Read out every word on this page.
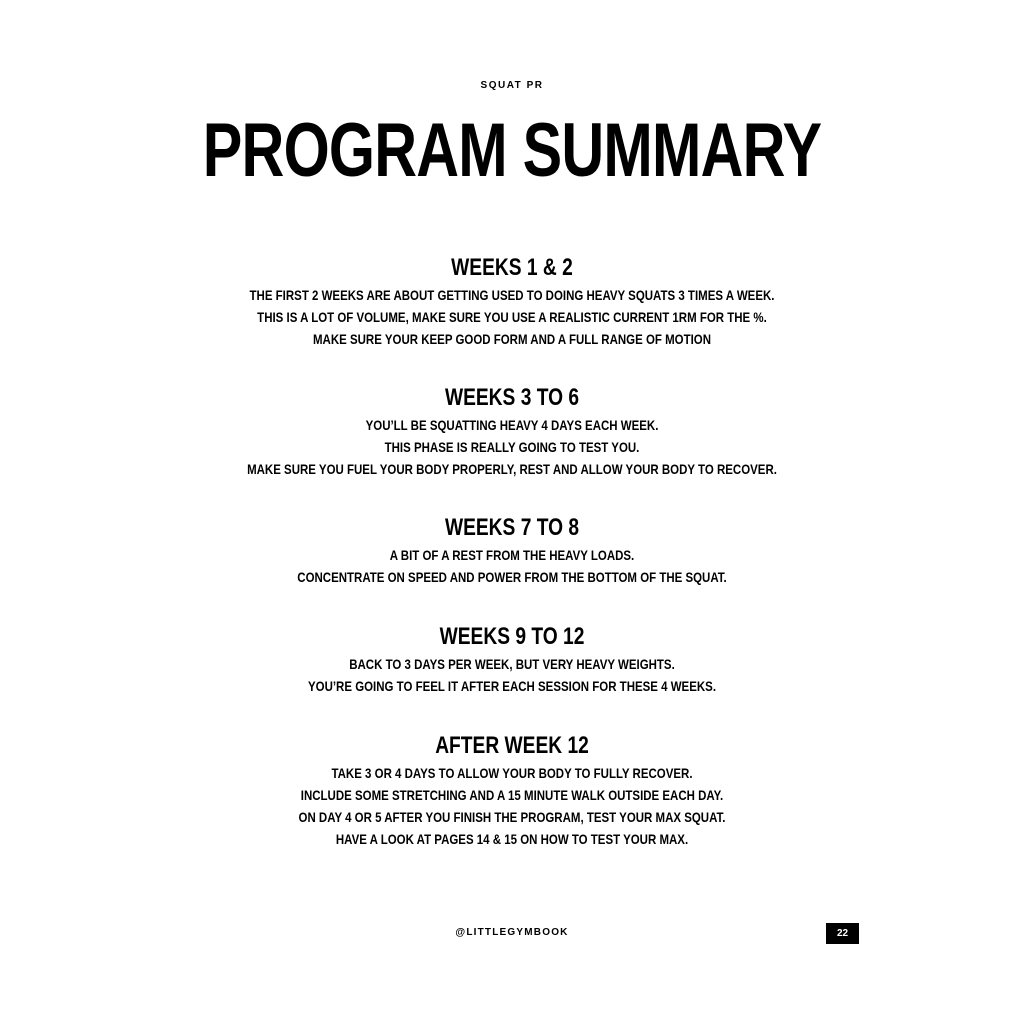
SQUAT PR
PROGRAM SUMMARY
WEEKS 1 & 2
THE FIRST 2 WEEKS ARE ABOUT GETTING USED TO DOING HEAVY SQUATS 3 TIMES A WEEK.
THIS IS A LOT OF VOLUME, MAKE SURE YOU USE A REALISTIC CURRENT 1RM FOR THE %.
MAKE SURE YOUR KEEP GOOD FORM AND A FULL RANGE OF MOTION
WEEKS 3 TO 6
YOU’LL BE SQUATTING HEAVY 4 DAYS EACH WEEK.
THIS PHASE IS REALLY GOING TO TEST YOU.
MAKE SURE YOU FUEL YOUR BODY PROPERLY, REST AND ALLOW YOUR BODY TO RECOVER.
WEEKS 7 TO 8
A BIT OF A REST FROM THE HEAVY LOADS.
CONCENTRATE ON SPEED AND POWER FROM THE BOTTOM OF THE SQUAT.
WEEKS 9 TO 12
BACK TO 3 DAYS PER WEEK, BUT VERY HEAVY WEIGHTS.
YOU’RE GOING TO FEEL IT AFTER EACH SESSION FOR THESE 4 WEEKS.
AFTER WEEK 12
TAKE 3 OR 4 DAYS TO ALLOW YOUR BODY TO FULLY RECOVER.
INCLUDE SOME STRETCHING AND A 15 MINUTE WALK OUTSIDE EACH DAY.
ON DAY 4 OR 5 AFTER YOU FINISH THE PROGRAM, TEST YOUR MAX SQUAT.
HAVE A LOOK AT PAGES 14 & 15 ON HOW TO TEST YOUR MAX.
@LITTLEGYMBOOK	22
